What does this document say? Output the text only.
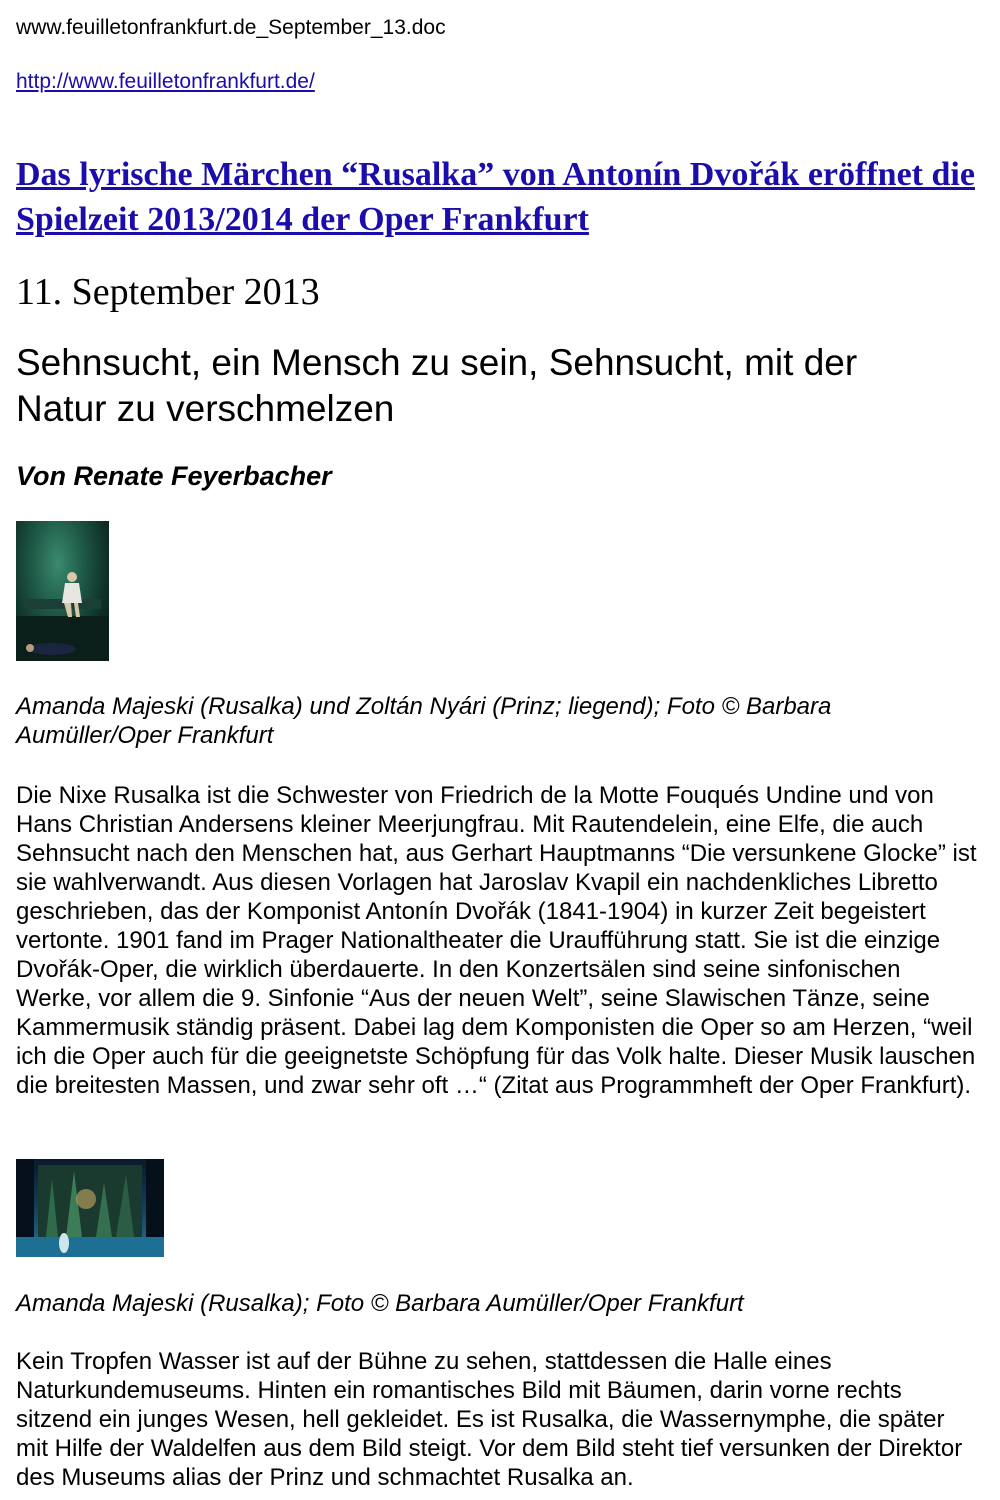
www.feuilletonfrankfurt.de_September_13.doc
http://www.feuilletonfrankfurt.de/
Das lyrische Märchen “Rusalka” von Antonín Dvořák eröffnet die Spielzeit 2013/2014 der Oper Frankfurt
11. September 2013
Sehnsucht, ein Mensch zu sein, Sehnsucht, mit der Natur zu verschmelzen
Von Renate Feyerbacher

Amanda Majeski (Rusalka) und Zoltán Nyári (Prinz; liegend); Foto © Barbara Aumüller/Oper Frankfurt

Die Nixe Rusalka ist die Schwester von Friedrich de la Motte Fouqués Undine und von Hans Christian Andersens kleiner Meerjungfrau. Mit Rautendelein, eine Elfe, die auch Sehnsucht nach den Menschen hat, aus Gerhart Hauptmanns “Die versunkene Glocke” ist sie wahlverwandt. Aus diesen Vorlagen hat Jaroslav Kvapil ein nachdenkliches Libretto geschrieben, das der Komponist Antonín Dvořák (1841-1904) in kurzer Zeit begeistert vertonte. 1901 fand im Prager Nationaltheater die Uraufführung statt. Sie ist die einzige Dvořák-Oper, die wirklich überdauerte. In den Konzertsälen sind seine sinfonischen Werke, vor allem die 9. Sinfonie “Aus der neuen Welt”, seine Slawischen Tänze, seine Kammermusik ständig präsent. Dabei lag dem Komponisten die Oper so am Herzen, “weil ich die Oper auch für die geeignetste Schöpfung für das Volk halte. Dieser Musik lauschen die breitesten Massen, und zwar sehr oft …“ (Zitat aus Programmheft der Oper Frankfurt).

Amanda Majeski (Rusalka); Foto © Barbara Aumüller/Oper Frankfurt

Kein Tropfen Wasser ist auf der Bühne zu sehen, stattdessen die Halle eines Naturkundemuseums. Hinten ein romantisches Bild mit Bäumen, darin vorne rechts sitzend ein junges Wesen, hell gekleidet. Es ist Rusalka, die Wassernymphe, die später mit Hilfe der Waldelfen aus dem Bild steigt. Vor dem Bild steht tief versunken der Direktor des Museums alias der Prinz und schmachtet Rusalka an.
